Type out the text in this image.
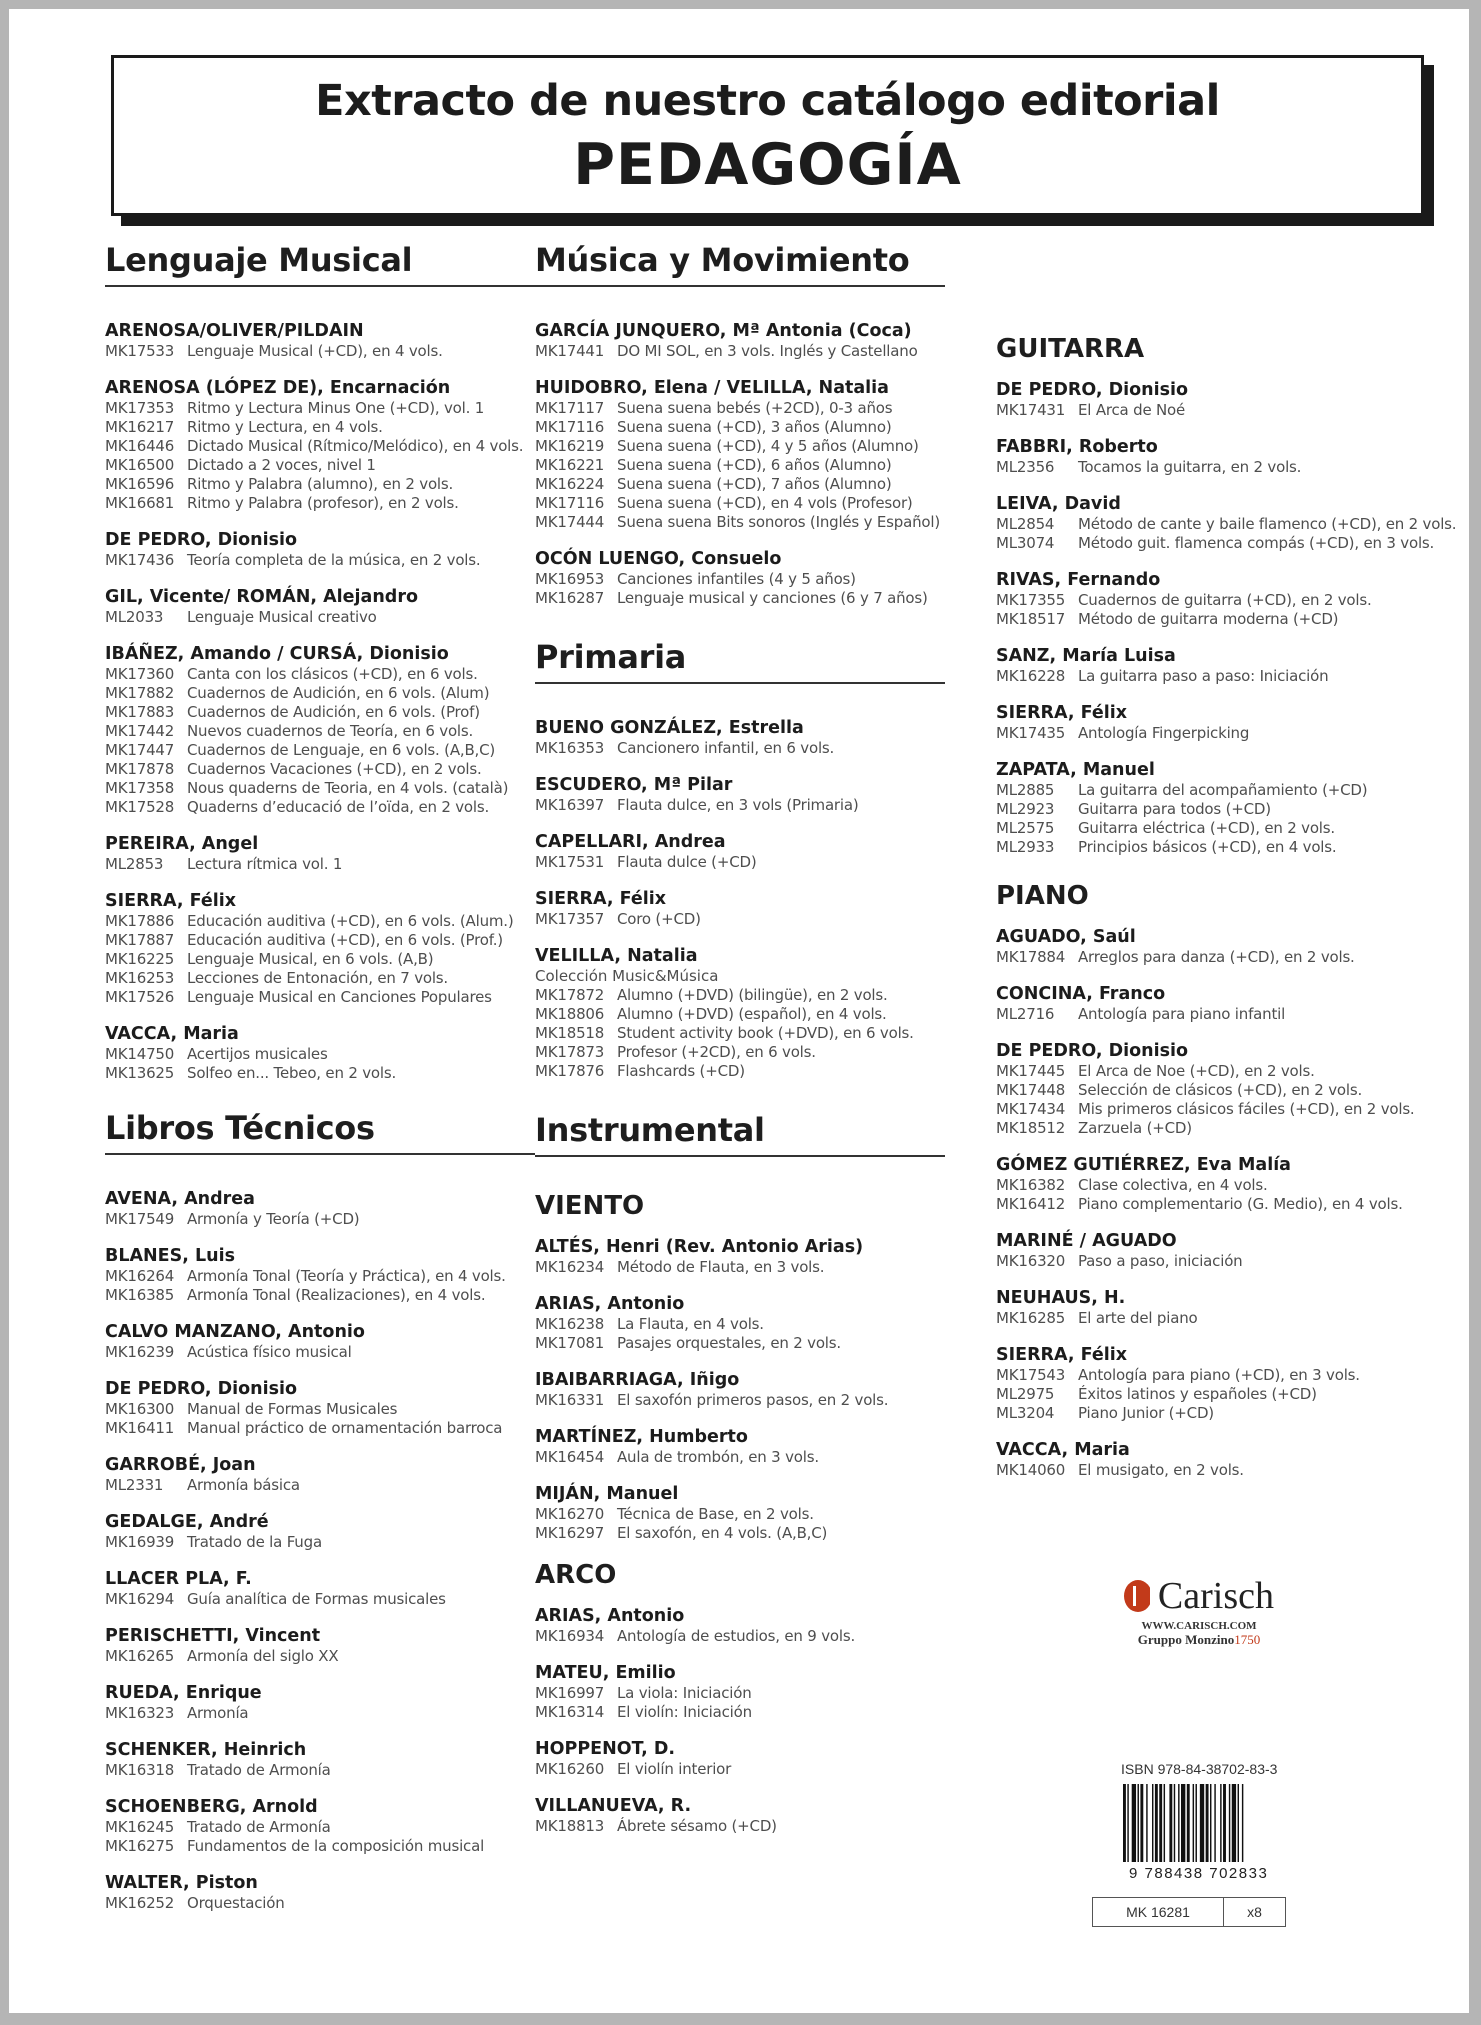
Extracto de nuestro catálogo editorial
PEDAGOGÍA
Lenguaje Musical
ARENOSA/OLIVER/PILDAIN
MK17533 Lenguaje Musical (+CD), en 4 vols.
ARENOSA (LÓPEZ DE), Encarnación
MK17353 Ritmo y Lectura Minus One (+CD), vol. 1
MK16217 Ritmo y Lectura, en 4 vols.
MK16446 Dictado Musical (Rítmico/Melódico), en 4 vols.
MK16500 Dictado a 2 voces, nivel 1
MK16596 Ritmo y Palabra (alumno), en 2 vols.
MK16681 Ritmo y Palabra (profesor), en 2 vols.
DE PEDRO, Dionisio
MK17436 Teoría completa de la música, en 2 vols.
GIL, Vicente/ ROMÁN, Alejandro
ML2033 Lenguaje Musical creativo
IBÁÑEZ, Amando / CURSÁ, Dionisio
MK17360 Canta con los clásicos (+CD), en 6 vols.
MK17882 Cuadernos de Audición, en 6 vols. (Alum)
MK17883 Cuadernos de Audición, en 6 vols. (Prof)
MK17442 Nuevos cuadernos de Teoría, en 6 vols.
MK17447 Cuadernos de Lenguaje, en 6 vols. (A,B,C)
MK17878 Cuadernos Vacaciones (+CD), en 2 vols.
MK17358 Nous quaderns de Teoria, en 4 vols. (català)
MK17528 Quaderns d’educació de l’oïda, en 2 vols.
PEREIRA, Angel
ML2853 Lectura rítmica vol. 1
SIERRA, Félix
MK17886 Educación auditiva (+CD), en 6 vols. (Alum.)
MK17887 Educación auditiva (+CD), en 6 vols. (Prof.)
MK16225 Lenguaje Musical, en 6 vols. (A,B)
MK16253 Lecciones de Entonación, en 7 vols.
MK17526 Lenguaje Musical en Canciones Populares
VACCA, Maria
MK14750 Acertijos musicales
MK13625 Solfeo en... Tebeo, en 2 vols.
Libros Técnicos
AVENA, Andrea
MK17549 Armonía y Teoría (+CD)
BLANES, Luis
MK16264 Armonía Tonal (Teoría y Práctica), en 4 vols.
MK16385 Armonía Tonal (Realizaciones), en 4 vols.
CALVO MANZANO, Antonio
MK16239 Acústica físico musical
DE PEDRO, Dionisio
MK16300 Manual de Formas Musicales
MK16411 Manual práctico de ornamentación barroca
GARROBÉ, Joan
ML2331 Armonía básica
GEDALGE, André
MK16939 Tratado de la Fuga
LLACER PLA, F.
MK16294 Guía analítica de Formas musicales
PERISCHETTI, Vincent
MK16265 Armonía del siglo XX
RUEDA, Enrique
MK16323 Armonía
SCHENKER, Heinrich
MK16318 Tratado de Armonía
SCHOENBERG, Arnold
MK16245 Tratado de Armonía
MK16275 Fundamentos de la composición musical
WALTER, Piston
MK16252 Orquestación
Música y Movimiento
GARCÍA JUNQUERO, Mª Antonia (Coca)
MK17441 DO MI SOL, en 3 vols. Inglés y Castellano
HUIDOBRO, Elena / VELILLA, Natalia
MK17117 Suena suena bebés (+2CD), 0-3 años
MK17116 Suena suena (+CD), 3 años (Alumno)
MK16219 Suena suena (+CD), 4 y 5 años (Alumno)
MK16221 Suena suena (+CD), 6 años (Alumno)
MK16224 Suena suena (+CD), 7 años (Alumno)
MK17116 Suena suena (+CD), en 4 vols (Profesor)
MK17444 Suena suena Bits sonoros (Inglés y Español)
OCÓN LUENGO, Consuelo
MK16953 Canciones infantiles (4 y 5 años)
MK16287 Lenguaje musical y canciones (6 y 7 años)
Primaria
BUENO GONZÁLEZ, Estrella
MK16353 Cancionero infantil, en 6 vols.
ESCUDERO, Mª Pilar
MK16397 Flauta dulce, en 3 vols (Primaria)
CAPELLARI, Andrea
MK17531 Flauta dulce (+CD)
SIERRA, Félix
MK17357 Coro (+CD)
VELILLA, Natalia
Colección Music&Música
MK17872 Alumno (+DVD) (bilingüe), en 2 vols.
MK18806 Alumno (+DVD) (español), en 4 vols.
MK18518 Student activity book (+DVD), en 6 vols.
MK17873 Profesor (+2CD), en 6 vols.
MK17876 Flashcards (+CD)
Instrumental
VIENTO
ALTÉS, Henri (Rev. Antonio Arias)
MK16234 Método de Flauta, en 3 vols.
ARIAS, Antonio
MK16238 La Flauta, en 4 vols.
MK17081 Pasajes orquestales, en 2 vols.
IBAIBARRIAGA, Iñigo
MK16331 El saxofón primeros pasos, en 2 vols.
MARTÍNEZ, Humberto
MK16454 Aula de trombón, en 3 vols.
MIJÁN, Manuel
MK16270 Técnica de Base, en 2 vols.
MK16297 El saxofón, en 4 vols. (A,B,C)
ARCO
ARIAS, Antonio
MK16934 Antología de estudios, en 9 vols.
MATEU, Emilio
MK16997 La viola: Iniciación
MK16314 El violín: Iniciación
HOPPENOT, D.
MK16260 El violín interior
VILLANUEVA, R.
MK18813 Ábrete sésamo (+CD)
GUITARRA
DE PEDRO, Dionisio
MK17431 El Arca de Noé
FABBRI, Roberto
ML2356 Tocamos la guitarra, en 2 vols.
LEIVA, David
ML2854 Método de cante y baile flamenco (+CD), en 2 vols.
ML3074 Método guit. flamenca compás (+CD), en 3 vols.
RIVAS, Fernando
MK17355 Cuadernos de guitarra (+CD), en 2 vols.
MK18517 Método de guitarra moderna (+CD)
SANZ, María Luisa
MK16228 La guitarra paso a paso: Iniciación
SIERRA, Félix
MK17435 Antología Fingerpicking
ZAPATA, Manuel
ML2885 La guitarra del acompañamiento (+CD)
ML2923 Guitarra para todos (+CD)
ML2575 Guitarra eléctrica (+CD), en 2 vols.
ML2933 Principios básicos (+CD), en 4 vols.
PIANO
AGUADO, Saúl
MK17884 Arreglos para danza (+CD), en 2 vols.
CONCINA, Franco
ML2716 Antología para piano infantil
DE PEDRO, Dionisio
MK17445 El Arca de Noe (+CD), en 2 vols.
MK17448 Selección de clásicos (+CD), en 2 vols.
MK17434 Mis primeros clásicos fáciles (+CD), en 2 vols.
MK18512 Zarzuela (+CD)
GÓMEZ GUTIÉRREZ, Eva Malía
MK16382 Clase colectiva, en 4 vols.
MK16412 Piano complementario (G. Medio), en 4 vols.
MARINÉ / AGUADO
MK16320 Paso a paso, iniciación
NEUHAUS, H.
MK16285 El arte del piano
SIERRA, Félix
MK17543 Antología para piano (+CD), en 3 vols.
ML2975 Éxitos latinos y españoles (+CD)
ML3204 Piano Junior (+CD)
VACCA, Maria
MK14060 El musigato, en 2 vols.
Carisch
WWW.CARISCH.COM
Gruppo Monzino1750
ISBN 978-84-38702-83-3
9 788438 702833
MK 16281	x8
